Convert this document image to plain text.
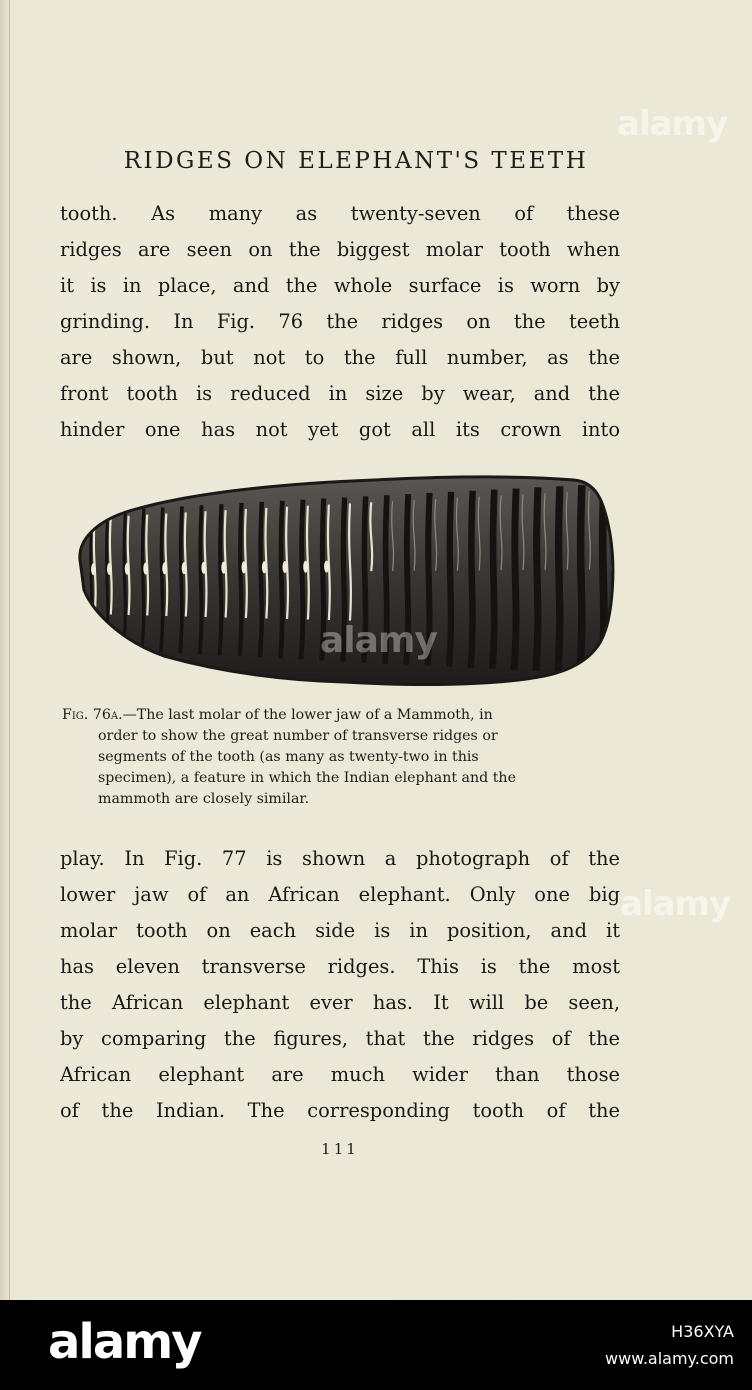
RIDGES ON ELEPHANT'S TEETH
tooth. As many as twenty-seven of these
ridges are seen on the biggest molar tooth when
it is in place, and the whole surface is worn by
grinding. In Fig. 76 the ridges on the teeth
are shown, but not to the full number, as the
front tooth is reduced in size by wear, and the
hinder one has not yet got all its crown into
alamy
Fig. 76a.—The last molar of the lower jaw of a Mammoth, in
order to show the great number of transverse ridges or
segments of the tooth (as many as twenty-two in this
specimen), a feature in which the Indian elephant and the
mammoth are closely similar.
play. In Fig. 77 is shown a photograph of the
lower jaw of an African elephant. Only one big
molar tooth on each side is in position, and it
has eleven transverse ridges. This is the most
the African elephant ever has. It will be seen,
by comparing the figures, that the ridges of the
African elephant are much wider than those
of the Indian. The corresponding tooth of the
111
alamy
alamy
alamy	H36XYA
www.alamy.com
